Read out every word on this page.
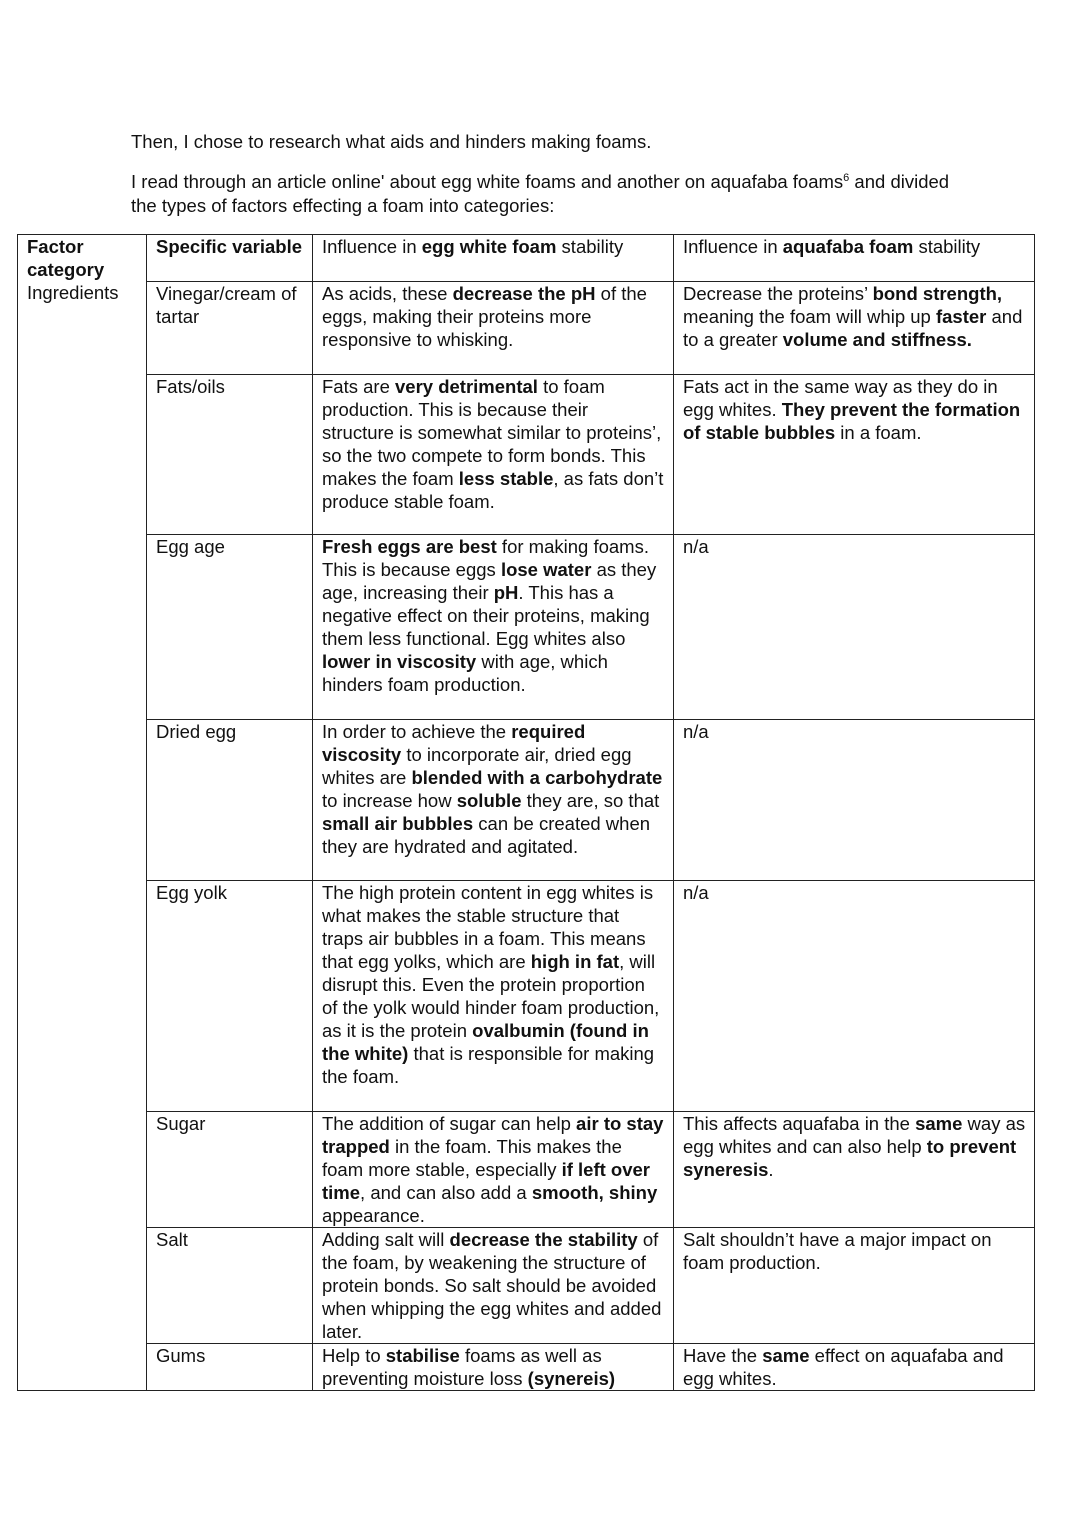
Then, I chose to research what aids and hinders making foams.

I read through an article online' about egg white foams and another on aquafaba foams$^6$ and divided the types of factors effecting a foam into categories:

Factor category	Specific variable	Influence in egg white foam stability	Influence in aquafaba foam stability
Ingredients	Vinegar/cream of tartar	As acids, these decrease the pH of the eggs, making their proteins more responsive to whisking.	Decrease the proteins’ bond strength, meaning the foam will whip up faster and to a greater volume and stiffness.
	Fats/oils	Fats are very detrimental to foam production. This is because their structure is somewhat similar to proteins’, so the two compete to form bonds. This makes the foam less stable, as fats don’t produce stable foam.	Fats act in the same way as they do in egg whites. They prevent the formation of stable bubbles in a foam.
	Egg age	Fresh eggs are best for making foams. This is because eggs lose water as they age, increasing their pH. This has a negative effect on their proteins, making them less functional. Egg whites also lower in viscosity with age, which hinders foam production.	n/a
	Dried egg	In order to achieve the required viscosity to incorporate air, dried egg whites are blended with a carbohydrate to increase how soluble they are, so that small air bubbles can be created when they are hydrated and agitated.	n/a
	Egg yolk	The high protein content in egg whites is what makes the stable structure that traps air bubbles in a foam. This means that egg yolks, which are high in fat, will disrupt this. Even the protein proportion of the yolk would hinder foam production, as it is the protein ovalbumin (found in the white) that is responsible for making the foam.	n/a
	Sugar	The addition of sugar can help air to stay trapped in the foam. This makes the foam more stable, especially if left over time, and can also add a smooth, shiny appearance.	This affects aquafaba in the same way as egg whites and can also help to prevent syneresis.
	Salt	Adding salt will decrease the stability of the foam, by weakening the structure of protein bonds. So salt should be avoided when whipping the egg whites and added later.	Salt shouldn’t have a major impact on foam production.
	Gums	Help to stabilise foams as well as preventing moisture loss (synereis)	Have the same effect on aquafaba and egg whites.
